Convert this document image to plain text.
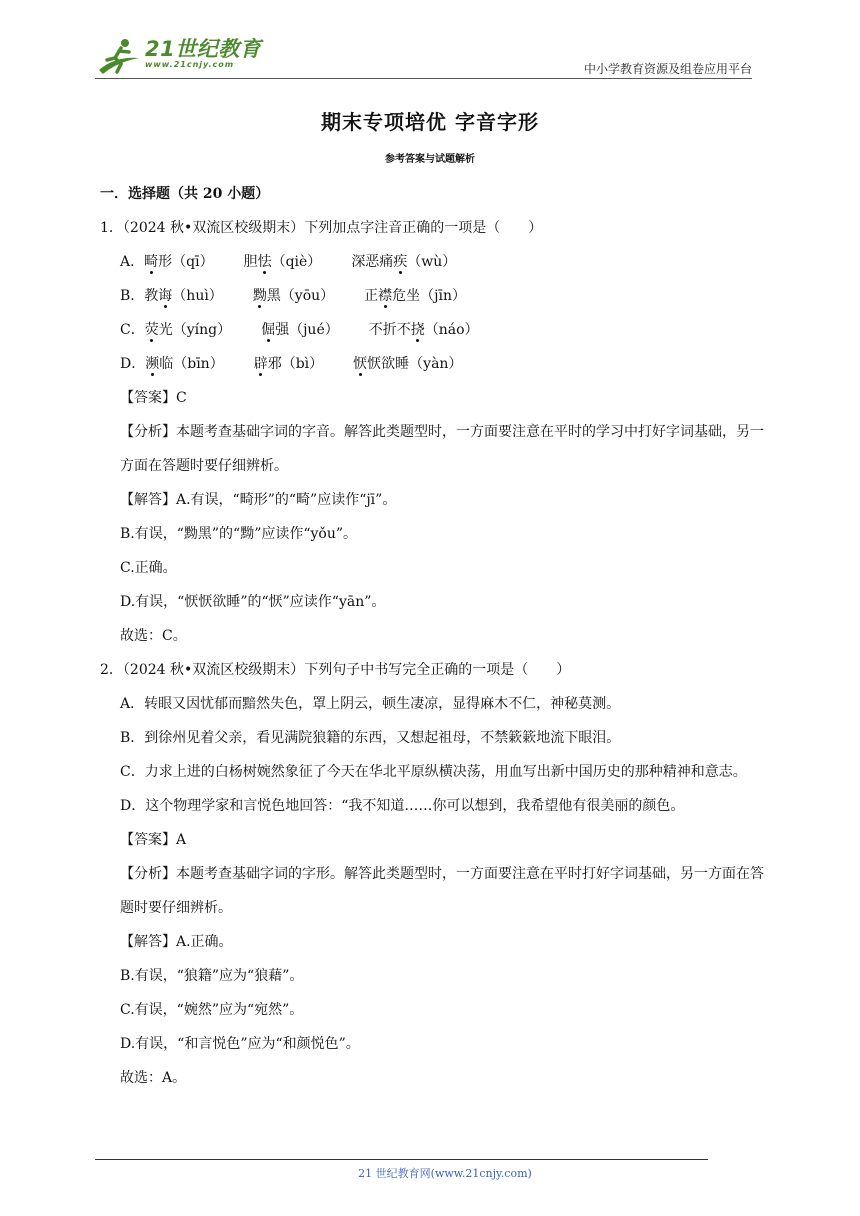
21世纪教育
www.21cnjy.com	中小学教育资源及组卷应用平台
期末专项培优 字音字形
参考答案与试题解析
一．选择题（共 20 小题）
1．（2024 秋•双流区校级期末）下列加点字注音正确的一项是（　　）
A． 畸形（qī） 胆怯（qiè） 深恶痛疾（wù）
B． 教诲（huì） 黝黑（yōu） 正襟危坐（jīn）
C． 荧光（yíng） 倔强（jué） 不折不挠（náo）
D． 濒临（bīn） 辟邪（bì） 恹恹欲睡（yàn）
【答案】C
【分析】本题考查基础字词的字音。解答此类题型时，一方面要注意在平时的学习中打好字词基础，另一方面在答题时要仔细辨析。
【解答】A.有误，“畸形”的“畸”应读作“jī”。
B.有误，“黝黑”的“黝”应读作“yǒu”。
C.正确。
D.有误，“恹恹欲睡”的“恹”应读作“yān”。
故选：C。
2．（2024 秋•双流区校级期末）下列句子中书写完全正确的一项是（　　）
A．转眼又因忧郁而黯然失色，罩上阴云，顿生凄凉，显得麻木不仁，神秘莫测。
B．到徐州见着父亲，看见满院狼籍的东西，又想起祖母，不禁簌簌地流下眼泪。
C．力求上进的白杨树婉然象征了今天在华北平原纵横决荡，用血写出新中国历史的那种精神和意志。
D．这个物理学家和言悦色地回答：“我不知道……你可以想到，我希望他有很美丽的颜色。
【答案】A
【分析】本题考查基础字词的字形。解答此类题型时，一方面要注意在平时打好字词基础，另一方面在答题时要仔细辨析。
【解答】A.正确。
B.有误，“狼籍”应为“狼藉”。
C.有误，“婉然”应为“宛然”。
D.有误，“和言悦色”应为“和颜悦色”。
故选：A。
21 世纪教育网(www.21cnjy.com)
